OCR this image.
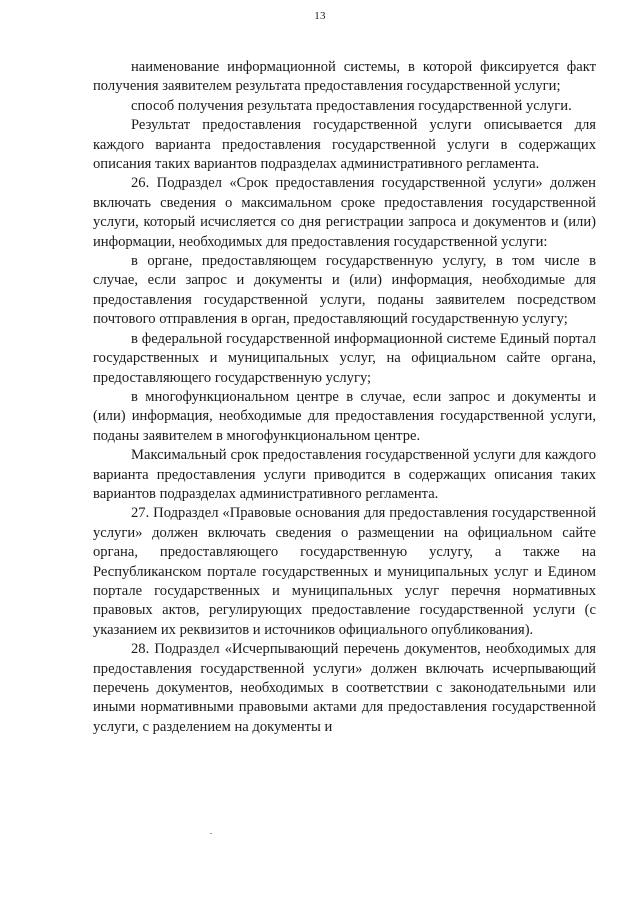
13

наименование информационной системы, в которой фиксируется факт получения заявителем результата предоставления государственной услуги;

способ получения результата предоставления государственной услуги.

Результат предоставления государственной услуги описывается для каждого варианта предоставления государственной услуги в содержащих описания таких вариантов подразделах административного регламента.

26. Подраздел «Срок предоставления государственной услуги» должен включать сведения о максимальном сроке предоставления государственной услуги, который исчисляется со дня регистрации запроса и документов и (или) информации, необходимых для предоставления государственной услуги:

в органе, предоставляющем государственную услугу, в том числе в случае, если запрос и документы и (или) информация, необходимые для предоставления государственной услуги, поданы заявителем посредством почтового отправления в орган, предоставляющий государственную услугу;

в федеральной государственной информационной системе Единый портал государственных и муниципальных услуг, на официальном сайте органа, предоставляющего государственную услугу;

в многофункциональном центре в случае, если запрос и документы и (или) информация, необходимые для предоставления государственной услуги, поданы заявителем в многофункциональном центре.

Максимальный срок предоставления государственной услуги для каждого варианта предоставления услуги приводится в содержащих описания таких вариантов подразделах административного регламента.

27. Подраздел «Правовые основания для предоставления государственной услуги» должен включать сведения о размещении на официальном сайте органа, предоставляющего государственную услугу, а также на Республиканском портале государственных и муниципальных услуг и Едином портале государственных и муниципальных услуг перечня нормативных правовых актов, регулирующих предоставление государственной услуги (с указанием их реквизитов и источников официального опубликования).

28. Подраздел «Исчерпывающий перечень документов, необходимых для предоставления государственной услуги» должен включать исчерпывающий перечень документов, необходимых в соответствии с законодательными или иными нормативными правовыми актами для предоставления государственной услуги, с разделением на документы и
